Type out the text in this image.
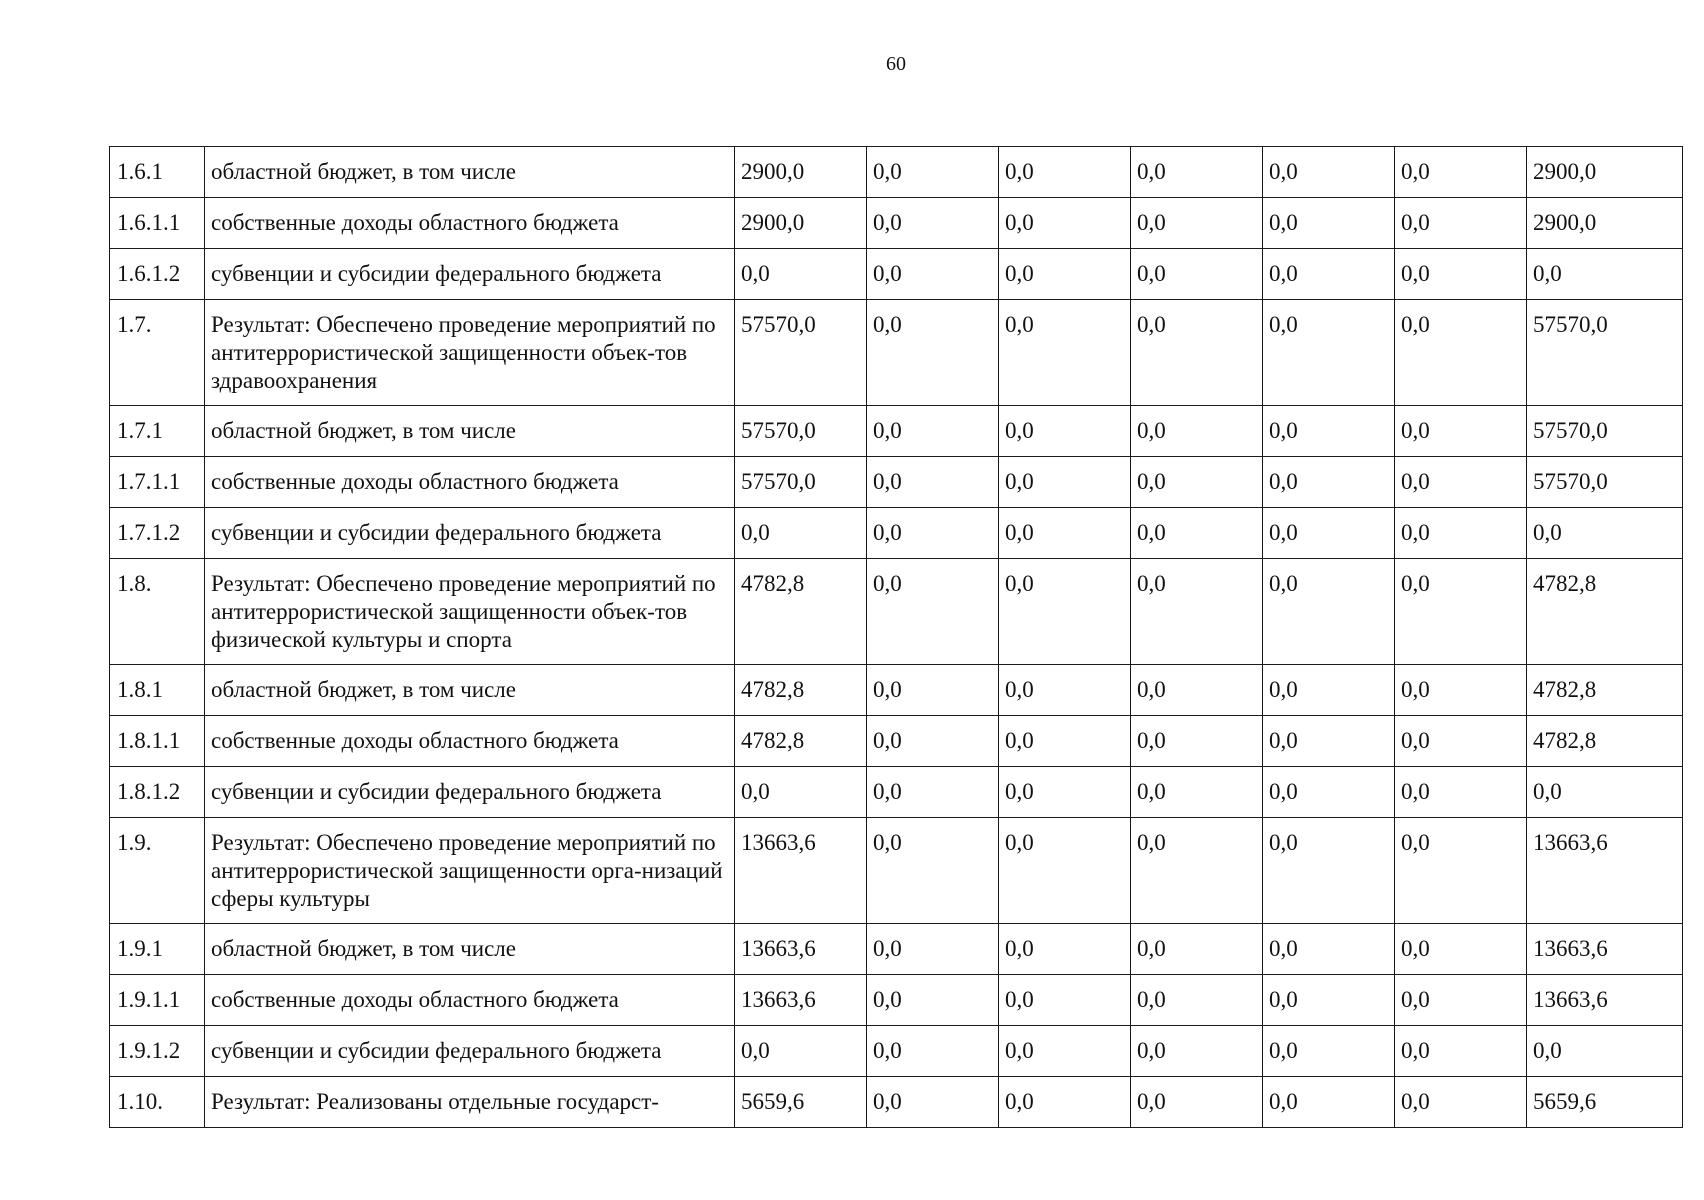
60
1.6.1	областной бюджет, в том числе	2900,0	0,0	0,0	0,0	0,0	0,0	2900,0
1.6.1.1	собственные доходы областного бюджета	2900,0	0,0	0,0	0,0	0,0	0,0	2900,0
1.6.1.2	субвенции и субсидии федерального бюджета	0,0	0,0	0,0	0,0	0,0	0,0	0,0
1.7.	Результат: Обеспечено проведение мероприятий по антитеррористической защищенности объек-тов здравоохранения	57570,0	0,0	0,0	0,0	0,0	0,0	57570,0
1.7.1	областной бюджет, в том числе	57570,0	0,0	0,0	0,0	0,0	0,0	57570,0
1.7.1.1	собственные доходы областного бюджета	57570,0	0,0	0,0	0,0	0,0	0,0	57570,0
1.7.1.2	субвенции и субсидии федерального бюджета	0,0	0,0	0,0	0,0	0,0	0,0	0,0
1.8.	Результат: Обеспечено проведение мероприятий по антитеррористической защищенности объек-тов физической культуры и спорта	4782,8	0,0	0,0	0,0	0,0	0,0	4782,8
1.8.1	областной бюджет, в том числе	4782,8	0,0	0,0	0,0	0,0	0,0	4782,8
1.8.1.1	собственные доходы областного бюджета	4782,8	0,0	0,0	0,0	0,0	0,0	4782,8
1.8.1.2	субвенции и субсидии федерального бюджета	0,0	0,0	0,0	0,0	0,0	0,0	0,0
1.9.	Результат: Обеспечено проведение мероприятий по антитеррористической защищенности орга-низаций сферы культуры	13663,6	0,0	0,0	0,0	0,0	0,0	13663,6
1.9.1	областной бюджет, в том числе	13663,6	0,0	0,0	0,0	0,0	0,0	13663,6
1.9.1.1	собственные доходы областного бюджета	13663,6	0,0	0,0	0,0	0,0	0,0	13663,6
1.9.1.2	субвенции и субсидии федерального бюджета	0,0	0,0	0,0	0,0	0,0	0,0	0,0
1.10.	Результат: Реализованы отдельные государст-	5659,6	0,0	0,0	0,0	0,0	0,0	5659,6
